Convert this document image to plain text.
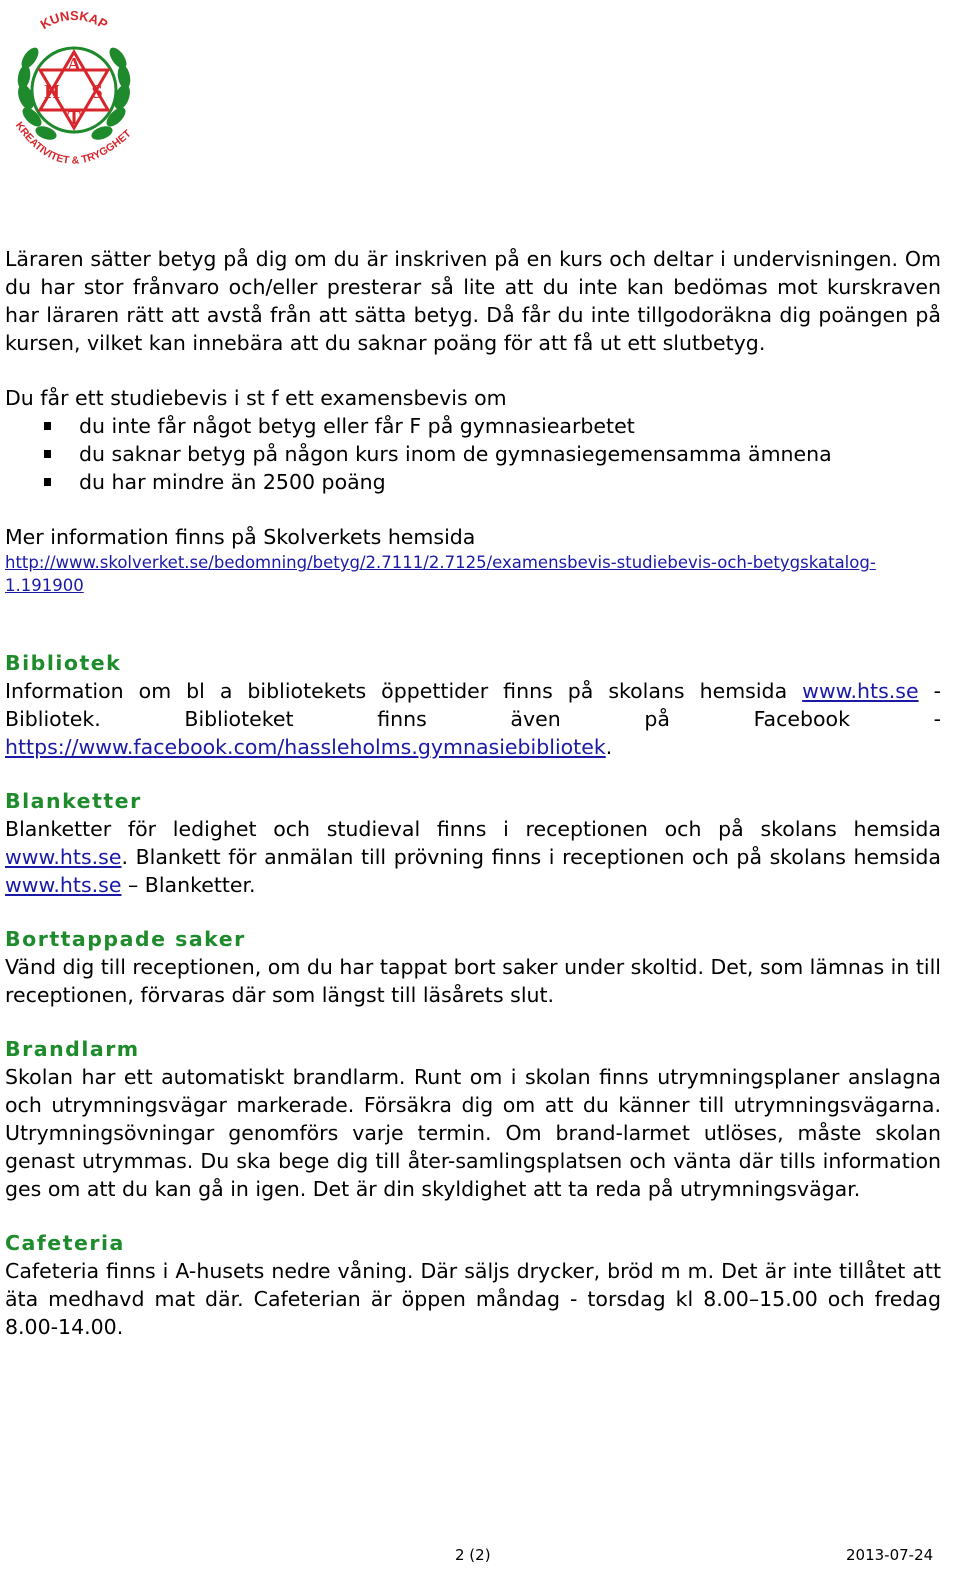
A
H S
T
KUNSKAP
KREATIVITET & TRYGGHET

Läraren sätter betyg på dig om du är inskriven på en kurs och deltar i undervisningen. Om du har stor frånvaro och/eller presterar så lite att du inte kan bedömas mot kurskraven har läraren rätt att avstå från att sätta betyg. Då får du inte tillgodoräkna dig poängen på kursen, vilket kan innebära att du saknar poäng för att få ut ett slutbetyg.

Du får ett studiebevis i st f ett examensbevis om

du inte får något betyg eller får F på gymnasiearbetet
du saknar betyg på någon kurs inom de gymnasiegemensamma ämnena
du har mindre än 2500 poäng

Mer information finns på Skolverkets hemsida

http://www.skolverket.se/bedomning/betyg/2.7111/2.7125/examensbevis-studiebevis-och-betygskatalog-1.191900
Bibliotek

Information om bl a bibliotekets öppettider finns på skolans hemsida www.hts.se - Bibliotek. Biblioteket finns även på Facebook - https://www.facebook.com/hassleholms.gymnasiebibliotek.

Blanketter

Blanketter för ledighet och studieval finns i receptionen och på skolans hemsida www.hts.se. Blankett för anmälan till prövning finns i receptionen och på skolans hemsida www.hts.se – Blanketter.

Borttappade saker

Vänd dig till receptionen, om du har tappat bort saker under skoltid. Det, som lämnas in till receptionen, förvaras där som längst till läsårets slut.

Brandlarm

Skolan har ett automatiskt brandlarm. Runt om i skolan finns utrymningsplaner anslagna och utrymningsvägar markerade. Försäkra dig om att du känner till utrymningsvägarna. Utrymningsövningar genomförs varje termin. Om brand-larmet utlöses, måste skolan genast utrymmas. Du ska bege dig till åter-samlingsplatsen och vänta där tills information ges om att du kan gå in igen. Det är din skyldighet att ta reda på utrymningsvägar.

Cafeteria

Cafeteria finns i A-husets nedre våning. Där säljs drycker, bröd m m. Det är inte tillåtet att äta medhavd mat där. Cafeterian är öppen måndag - torsdag kl 8.00–15.00 och fredag 8.00-14.00.

2 (2)	2013-07-24
